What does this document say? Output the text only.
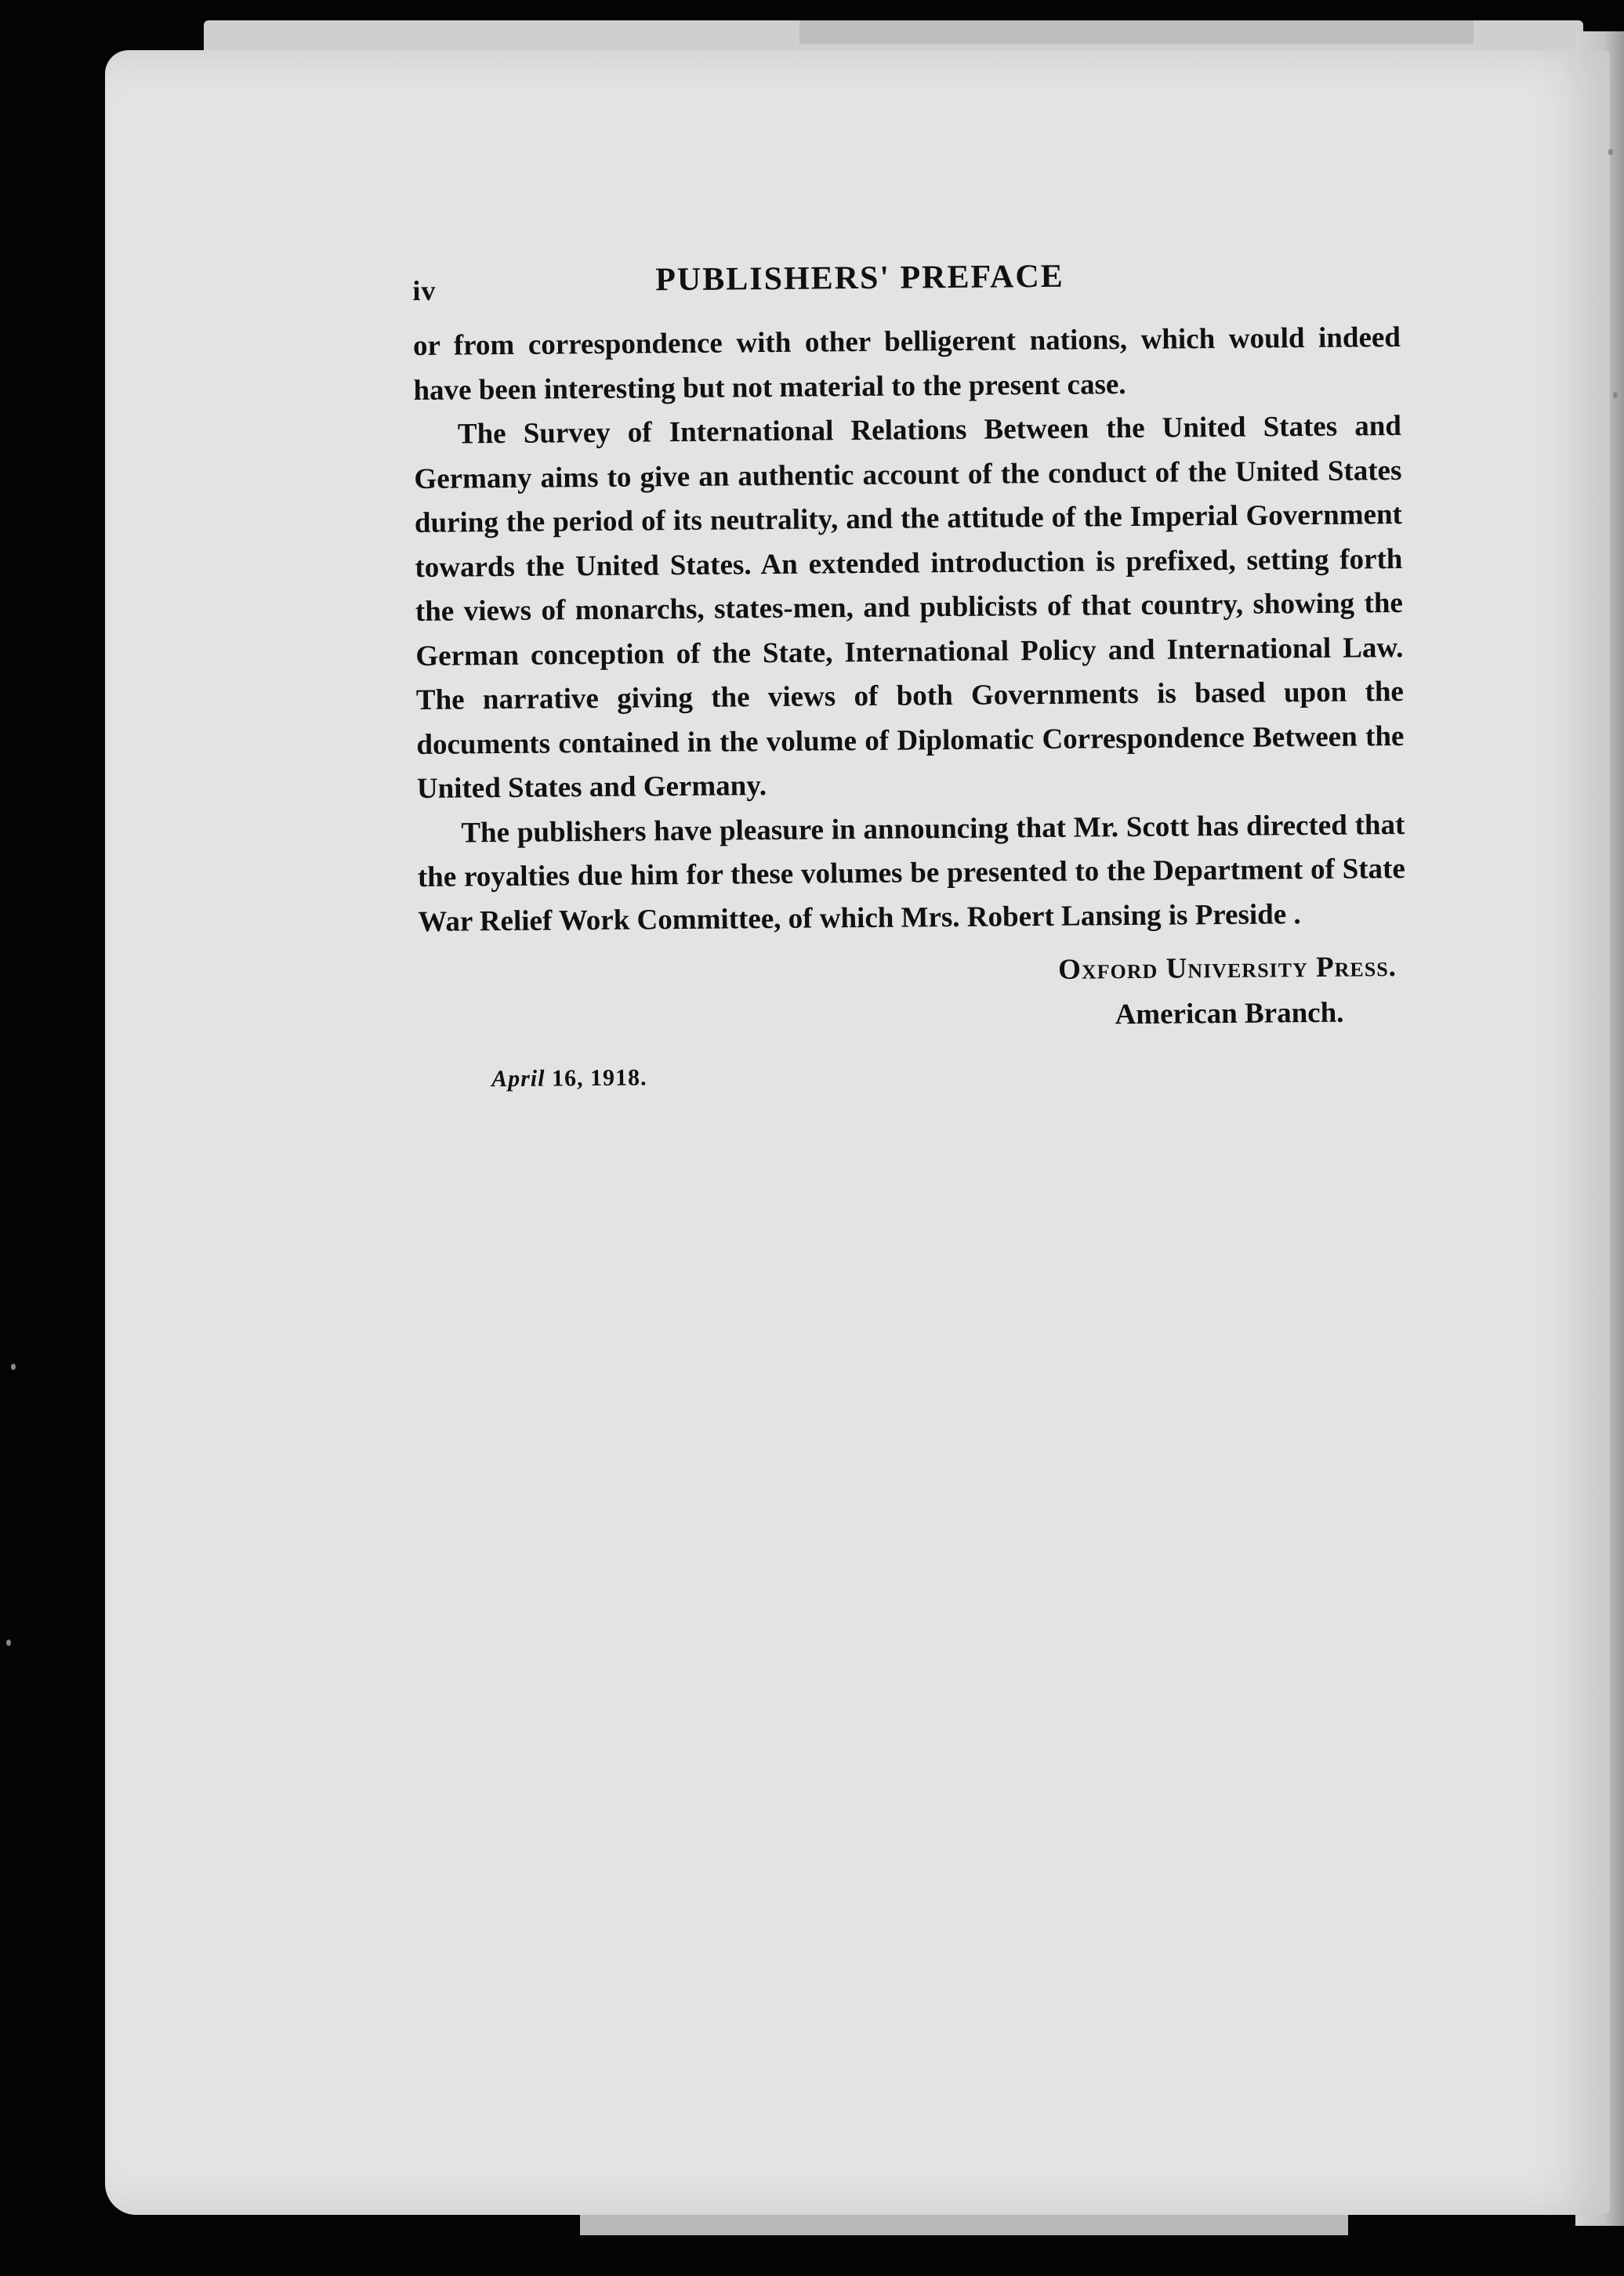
iv	PUBLISHERS' PREFACE

or from correspondence with other belligerent nations, which would indeed have been interesting but not material to the present case.

The Survey of International Relations Between the United States and Germany aims to give an authentic account of the conduct of the United States during the period of its neutrality, and the attitude of the Imperial Government towards the United States. An extended introduction is prefixed, setting forth the views of monarchs, states-men, and publicists of that country, showing the German conception of the State, International Policy and International Law. The narrative giving the views of both Governments is based upon the documents contained in the volume of Diplomatic Correspondence Between the United States and Germany.

The publishers have pleasure in announcing that Mr. Scott has directed that the royalties due him for these volumes be presented to the Department of State War Relief Work Committee, of which Mrs. Robert Lansing is Preside .

Oxford University Press.
American Branch.
April 16, 1918.
